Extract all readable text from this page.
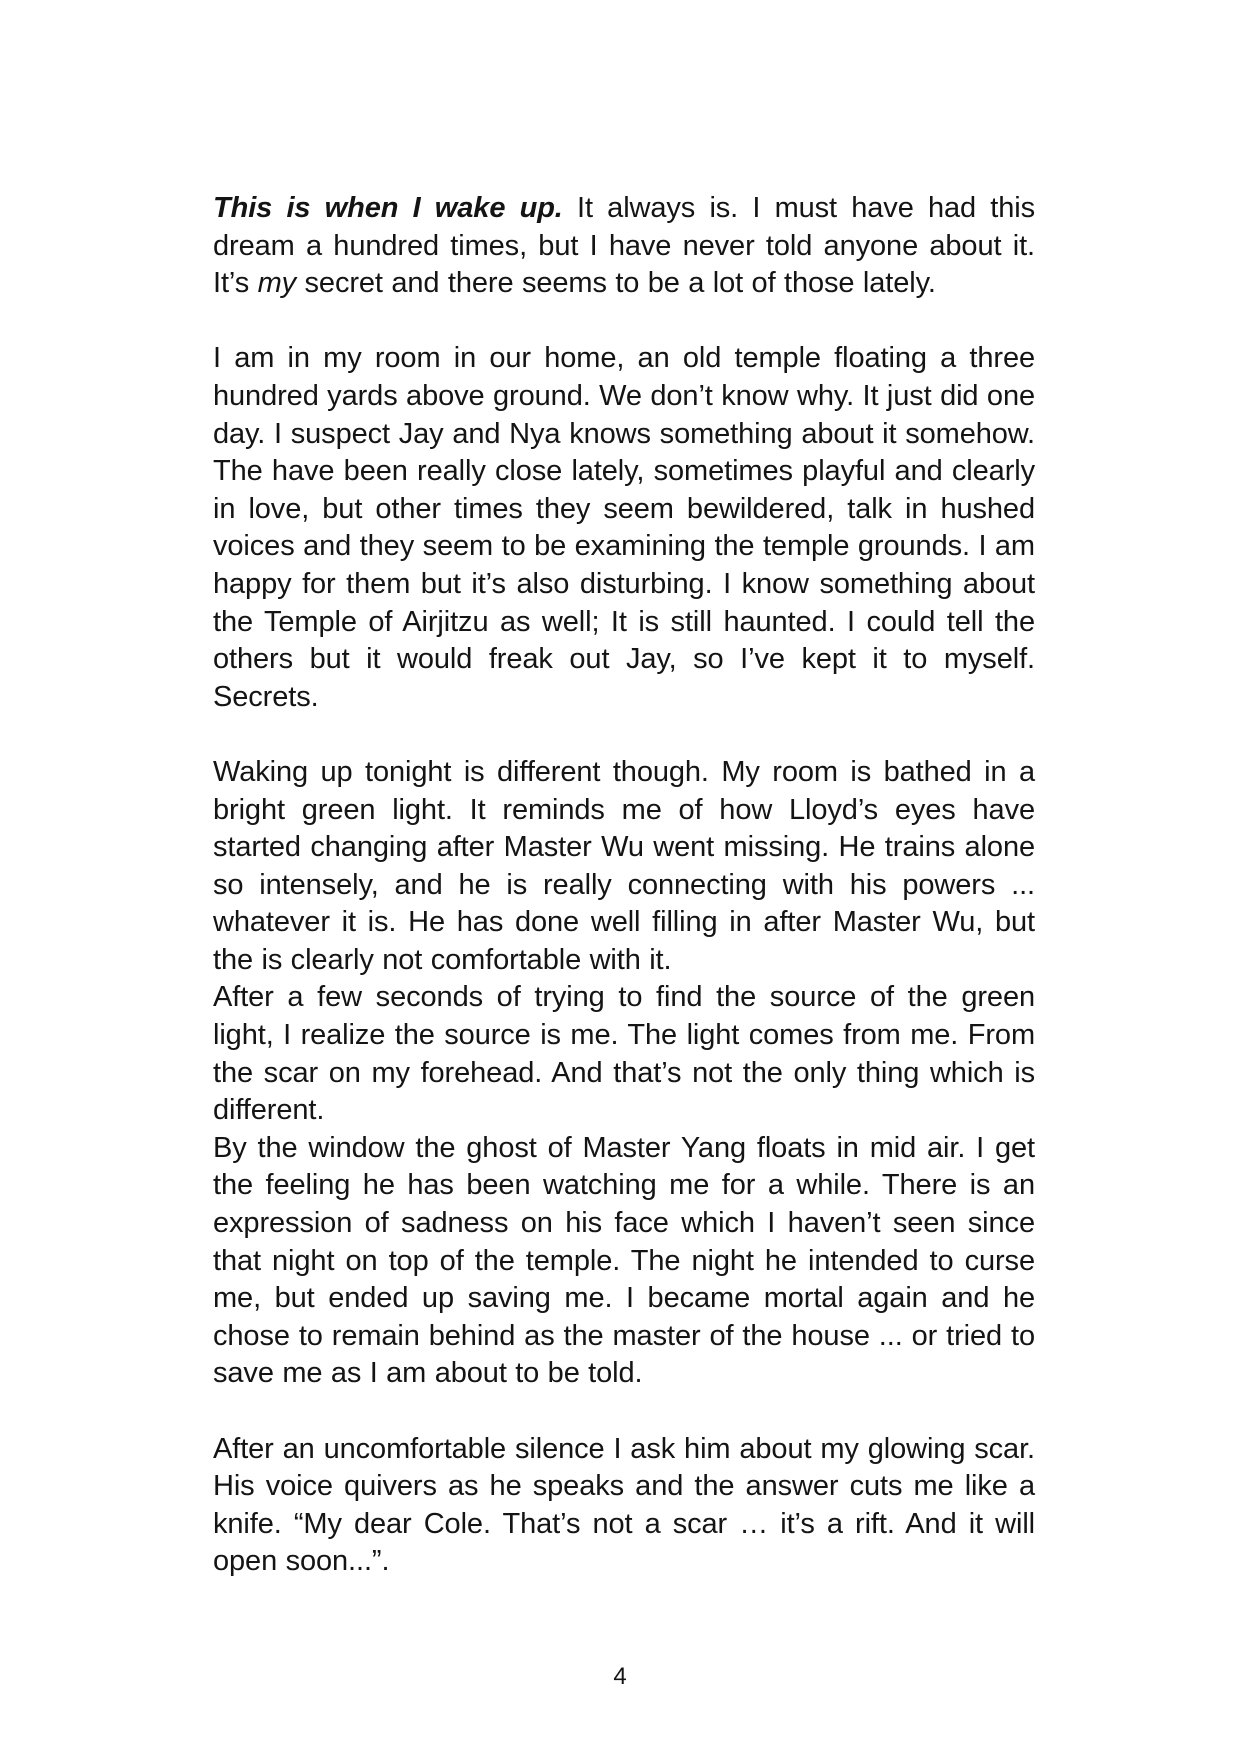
This is when I wake up. It always is. I must have had this dream a hundred times, but I have never told anyone about it. It’s my secret and there seems to be a lot of those lately.

I am in my room in our home, an old temple floating a three hundred yards above ground. We don’t know why. It just did one day. I suspect Jay and Nya knows something about it somehow. The have been really close lately, sometimes playful and clearly in love, but other times they seem bewildered, talk in hushed voices and they seem to be examining the temple grounds. I am happy for them but it’s also disturbing. I know something about the Temple of Airjitzu as well; It is still haunted. I could tell the others but it would freak out Jay, so I’ve kept it to myself. Secrets.

Waking up tonight is different though. My room is bathed in a bright green light. It reminds me of how Lloyd’s eyes have started changing after Master Wu went missing. He trains alone so intensely, and he is really connecting with his powers ... whatever it is. He has done well filling in after Master Wu, but the is clearly not comfortable with it.

After a few seconds of trying to find the source of the green light, I realize the source is me. The light comes from me. From the scar on my forehead. And that’s not the only thing which is different.

By the window the ghost of Master Yang floats in mid air. I get the feeling he has been watching me for a while. There is an expression of sadness on his face which I haven’t seen since that night on top of the temple. The night he intended to curse me, but ended up saving me. I became mortal again and he chose to remain behind as the master of the house ... or tried to save me as I am about to be told.

After an uncomfortable silence I ask him about my glowing scar. His voice quivers as he speaks and the answer cuts me like a knife. “My dear Cole. That’s not a scar … it’s a rift. And it will open soon...”.

4
